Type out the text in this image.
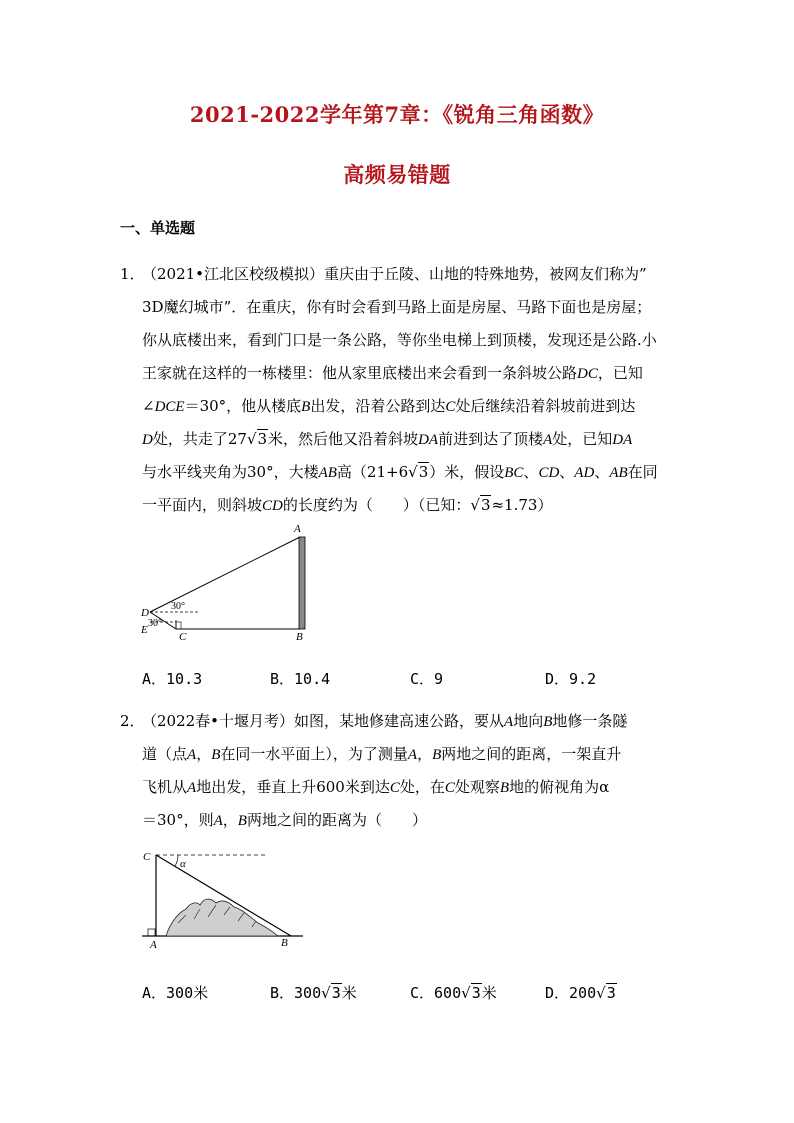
2021-2022学年第7章：《锐角三角函数》
高频易错题
一、单选题
1．
（2021•江北区校级模拟）重庆由于丘陵、山地的特殊地势，被网友们称为”
3D魔幻城市”．在重庆，你有时会看到马路上面是房屋、马路下面也是房屋；
你从底楼出来，看到门口是一条公路，等你坐电梯上到顶楼，发现还是公路.小
王家就在这样的一栋楼里：他从家里底楼出来会看到一条斜坡公路DC，已知
∠DCE＝30°，他从楼底B出发，沿着公路到达C处后继续沿着斜坡前进到达
D处，共走了27√3米，然后他又沿着斜坡DA前进到达了顶楼A处，已知DA
与水平线夹角为30°，大楼AB高（21+6√3）米，假设BC、CD、AD、AB在同
一平面内，则斜坡CD的长度约为（　　）（已知：√3≈1.73）
A
B
C
D
E
30°
30°
A．10.3	B．10.4	C．9	D．9.2
2．
（2022春•十堰月考）如图，某地修建高速公路，要从A地向B地修一条隧
道（点A，B在同一水平面上），为了测量A，B两地之间的距离，一架直升
飞机从A地出发，垂直上升600米到达C处，在C处观察B地的俯视角为α
＝30°，则A，B两地之间的距离为（　　）
C
A	B
α
A．300米	B．300√3米	C．600√3米	D．200√3
